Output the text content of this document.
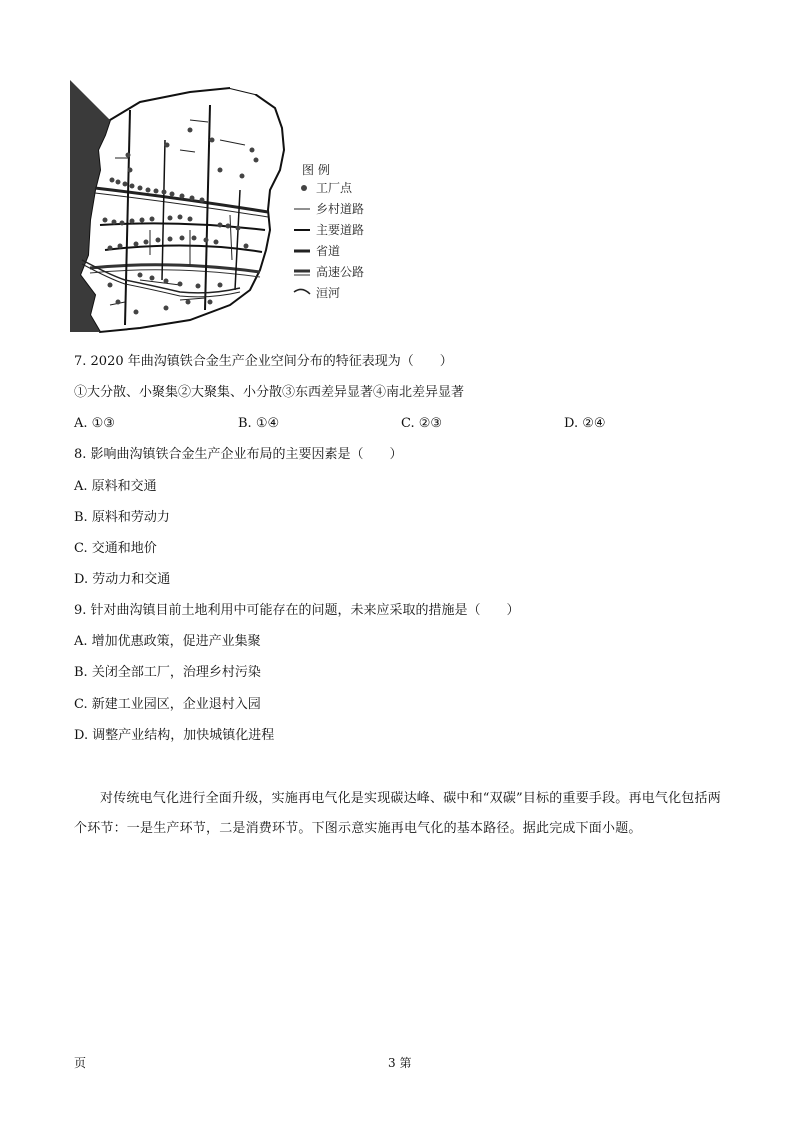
图 例
工厂点
乡村道路
主要道路
省道
高速公路
洹河
7. 2020 年曲沟镇铁合金生产企业空间分布的特征表现为（　　）
①大分散、小聚集②大聚集、小分散③东西差异显著④南北差异显著
A. ①③	B. ①④	C. ②③	D. ②④
8. 影响曲沟镇铁合金生产企业布局的主要因素是（　　）
A. 原料和交通
B. 原料和劳动力
C. 交通和地价
D. 劳动力和交通
9. 针对曲沟镇目前土地利用中可能存在的问题，未来应采取的措施是（　　）
A. 增加优惠政策，促进产业集聚
B. 关闭全部工厂，治理乡村污染
C. 新建工业园区，企业退村入园
D. 调整产业结构，加快城镇化进程

对传统电气化进行全面升级，实施再电气化是实现碳达峰、碳中和“双碳”目标的重要手段。再电气化包括两个环节：一是生产环节，二是消费环节。下图示意实施再电气化的基本路径。据此完成下面小题。

页	3 第
